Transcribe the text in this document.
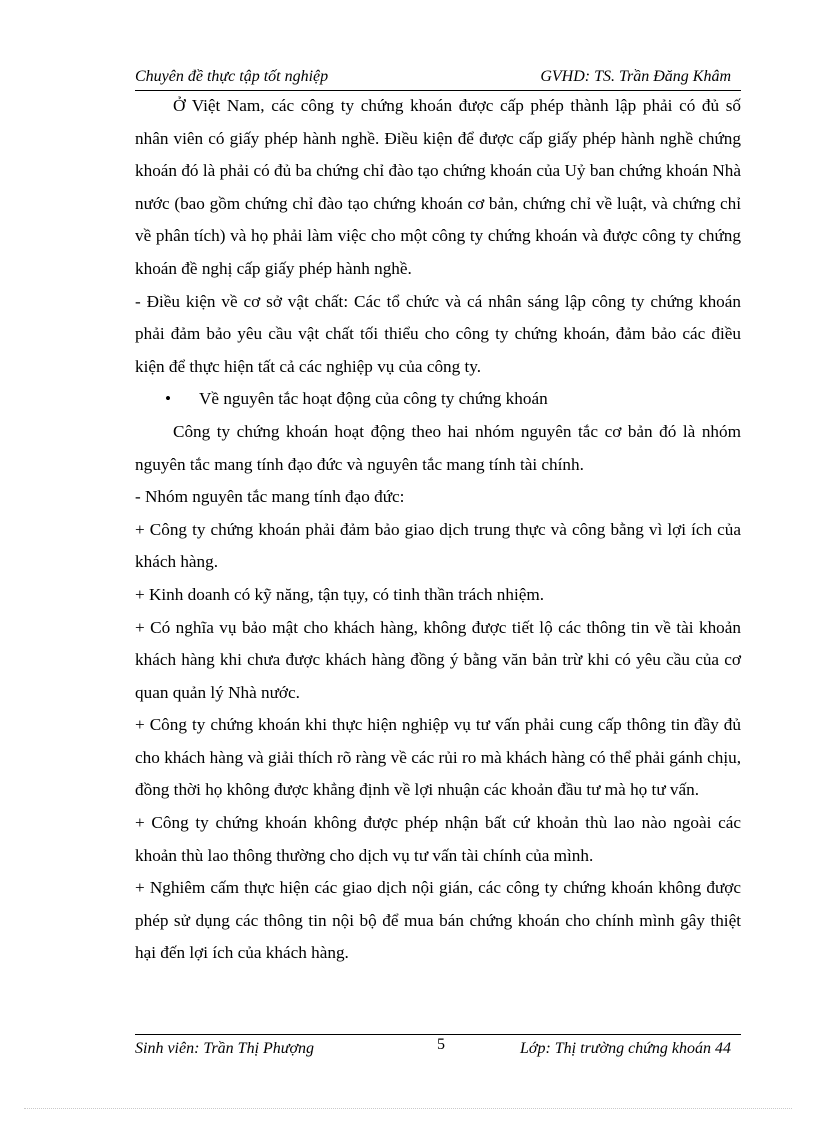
Chuyên đề thực tập tốt nghiệp	GVHD: TS. Trần Đăng Khâm

Ở Việt Nam, các công ty chứng khoán được cấp phép thành lập phải có đủ số nhân viên có giấy phép hành nghề. Điều kiện để được cấp giấy phép hành nghề chứng khoán đó là phải có đủ ba chứng chỉ đào tạo chứng khoán của Uỷ ban chứng khoán Nhà nước (bao gồm chứng chỉ đào tạo chứng khoán cơ bản, chứng chỉ về luật, và chứng chỉ về phân tích) và họ phải làm việc cho một công ty chứng khoán và được công ty chứng khoán đề nghị cấp giấy phép hành nghề.

- Điều kiện về cơ sở vật chất: Các tổ chức và cá nhân sáng lập công ty chứng khoán phải đảm bảo yêu cầu vật chất tối thiểu cho công ty chứng khoán, đảm bảo các điều kiện để thực hiện tất cả các nghiệp vụ của công ty.

• Về nguyên tắc hoạt động của công ty chứng khoán

Công ty chứng khoán hoạt động theo hai nhóm nguyên tắc cơ bản đó là nhóm nguyên tắc mang tính đạo đức và nguyên tắc mang tính tài chính.

- Nhóm nguyên tắc mang tính đạo đức:

+ Công ty chứng khoán phải đảm bảo giao dịch trung thực và công bằng vì lợi ích của khách hàng.

+ Kinh doanh có kỹ năng, tận tụy, có tinh thần trách nhiệm.

+ Có nghĩa vụ bảo mật cho khách hàng, không được tiết lộ các thông tin về tài khoản khách hàng khi chưa được khách hàng đồng ý bằng văn bản trừ khi có yêu cầu của cơ quan quản lý Nhà nước.

+ Công ty chứng khoán khi thực hiện nghiệp vụ tư vấn phải cung cấp thông tin đầy đủ cho khách hàng và giải thích rõ ràng về các rủi ro mà khách hàng có thể phải gánh chịu, đồng thời họ không được khẳng định về lợi nhuận các khoản đầu tư mà họ tư vấn.

+ Công ty chứng khoán không được phép nhận bất cứ khoản thù lao nào ngoài các khoản thù lao thông thường cho dịch vụ tư vấn tài chính của mình.

+ Nghiêm cấm thực hiện các giao dịch nội gián, các công ty chứng khoán không được phép sử dụng các thông tin nội bộ để mua bán chứng khoán cho chính mình gây thiệt hại đến lợi ích của khách hàng.

Sinh viên: Trần Thị Phượng	5	Lớp: Thị trường chứng khoán 44
